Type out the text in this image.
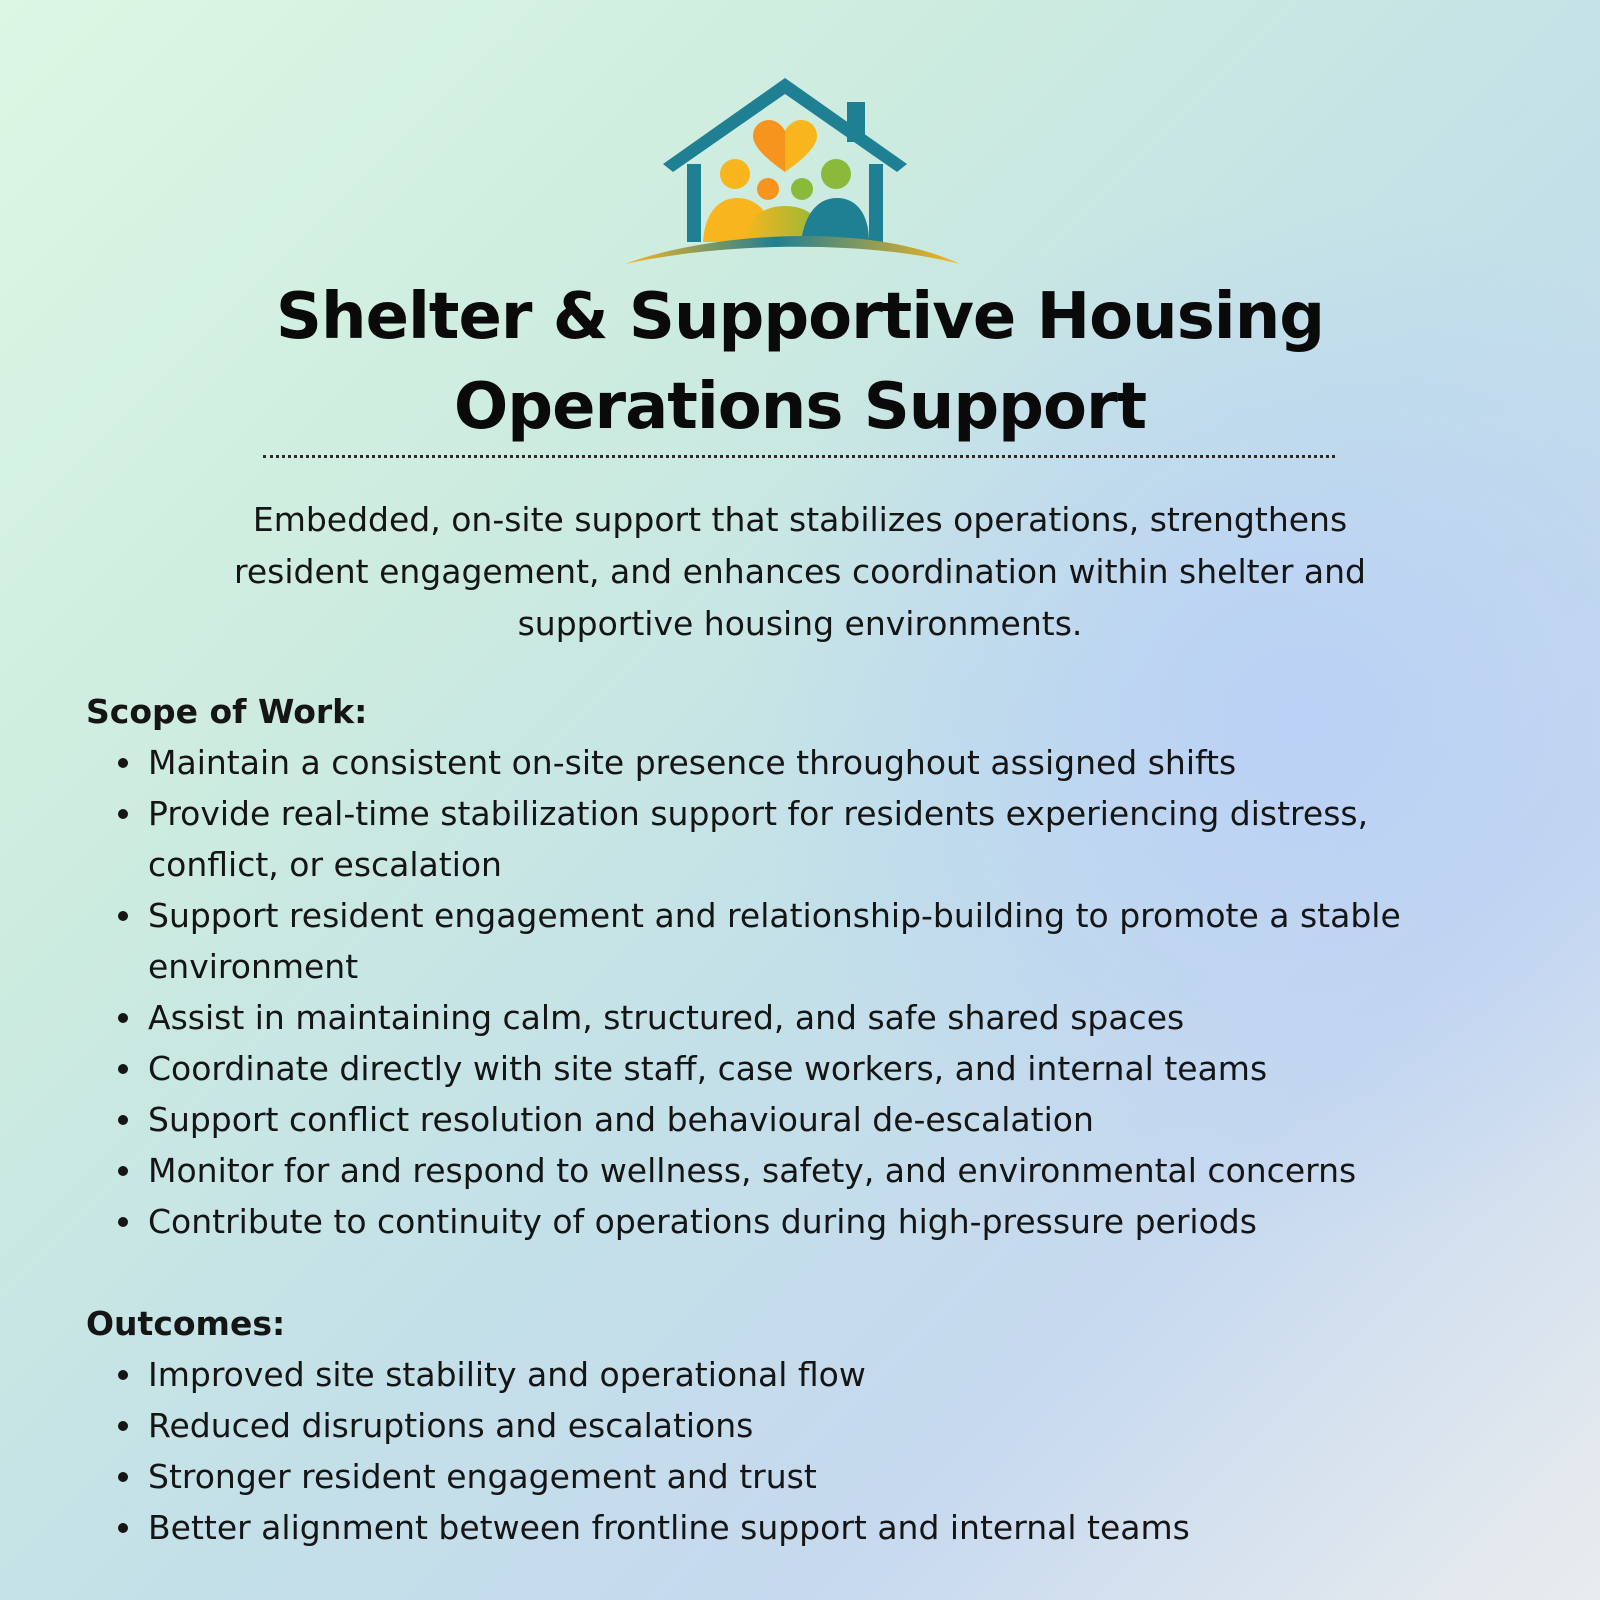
Shelter & Supportive Housing
Operations Support

Embedded, on-site support that stabilizes operations, strengthens
resident engagement, and enhances coordination within shelter and
supportive housing environments.

Scope of Work:
Maintain a consistent on-site presence throughout assigned shifts
Provide real-time stabilization support for residents experiencing distress,
conflict, or escalation
Support resident engagement and relationship-building to promote a stable
environment
Assist in maintaining calm, structured, and safe shared spaces
Coordinate directly with site staff, case workers, and internal teams
Support conflict resolution and behavioural de-escalation
Monitor for and respond to wellness, safety, and environmental concerns
Contribute to continuity of operations during high-pressure periods
Outcomes:
Improved site stability and operational flow
Reduced disruptions and escalations
Stronger resident engagement and trust
Better alignment between frontline support and internal teams
